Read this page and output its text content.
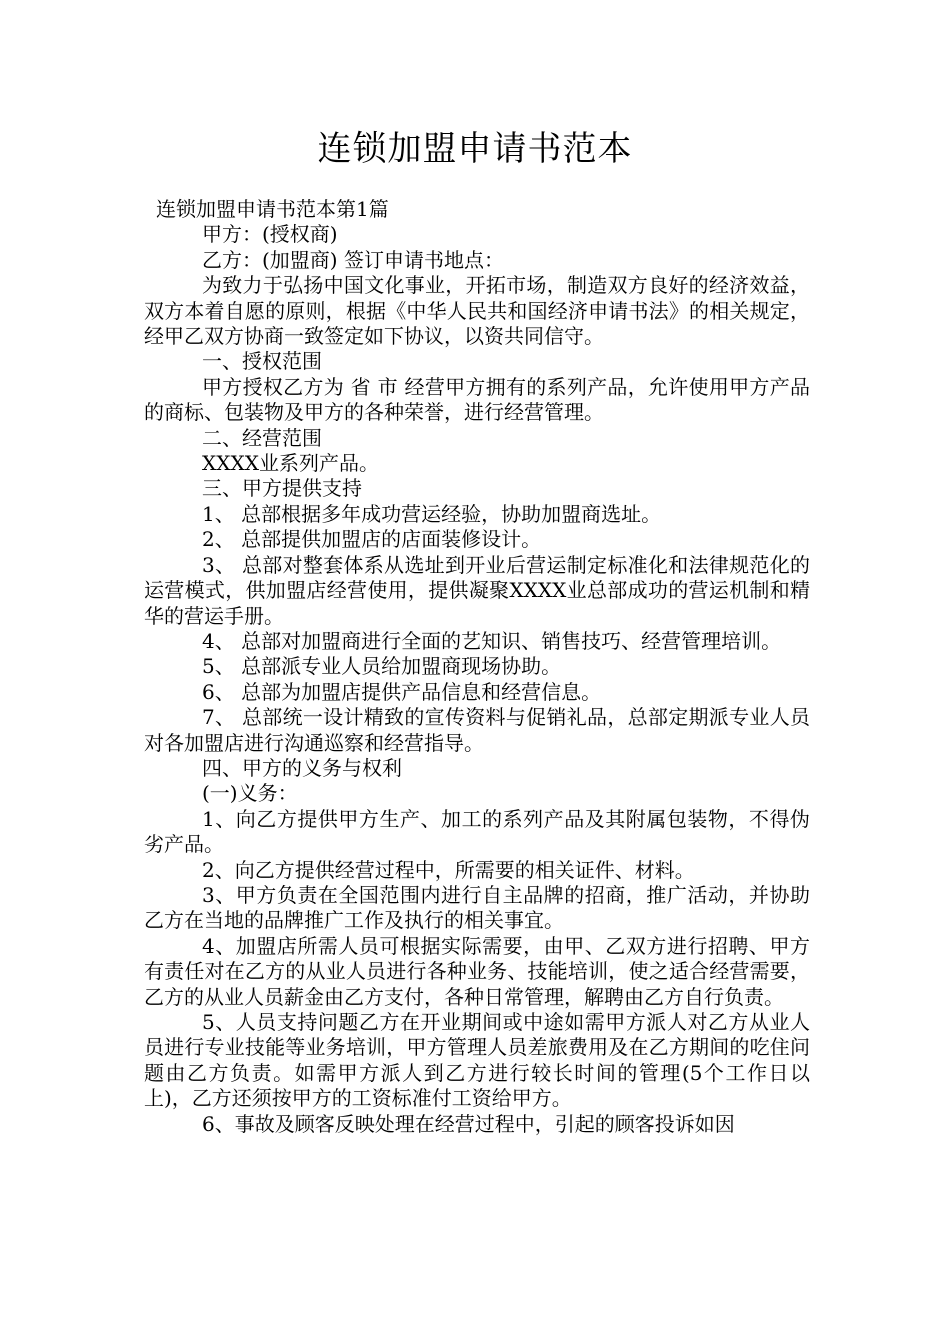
连锁加盟申请书范本

连锁加盟申请书范本第1篇

甲方：(授权商)

乙方：(加盟商) 签订申请书地点：

为致力于弘扬中国文化事业，开拓市场，制造双方良好的经济效益，双方本着自愿的原则，根据《中华人民共和国经济申请书法》的相关规定，经甲乙双方协商一致签定如下协议，以资共同信守。

一、授权范围

甲方授权乙方为 省 市 经营甲方拥有的系列产品，允许使用甲方产品的商标、包装物及甲方的各种荣誉，进行经营管理。

二、经营范围

XXXX业系列产品。

三、甲方提供支持

1、 总部根据多年成功营运经验，协助加盟商选址。

2、 总部提供加盟店的店面装修设计。

3、 总部对整套体系从选址到开业后营运制定标准化和法律规范化的运营模式，供加盟店经营使用，提供凝聚XXXX业总部成功的营运机制和精华的营运手册。

4、 总部对加盟商进行全面的艺知识、销售技巧、经营管理培训。

5、 总部派专业人员给加盟商现场协助。

6、 总部为加盟店提供产品信息和经营信息。

7、 总部统一设计精致的宣传资料与促销礼品，总部定期派专业人员对各加盟店进行沟通巡察和经营指导。

四、甲方的义务与权利

(一)义务：

1、向乙方提供甲方生产、加工的系列产品及其附属包装物，不得伪劣产品。

2、向乙方提供经营过程中，所需要的相关证件、材料。

3、甲方负责在全国范围内进行自主品牌的招商，推广活动，并协助乙方在当地的品牌推广工作及执行的相关事宜。

4、加盟店所需人员可根据实际需要，由甲、乙双方进行招聘、甲方有责任对在乙方的从业人员进行各种业务、技能培训，使之适合经营需要，乙方的从业人员薪金由乙方支付，各种日常管理，解聘由乙方自行负责。

5、人员支持问题乙方在开业期间或中途如需甲方派人对乙方从业人员进行专业技能等业务培训，甲方管理人员差旅费用及在乙方期间的吃住问题由乙方负责。如需甲方派人到乙方进行较长时间的管理(5个工作日以上)，乙方还须按甲方的工资标准付工资给甲方。

6、事故及顾客反映处理在经营过程中，引起的顾客投诉如因
